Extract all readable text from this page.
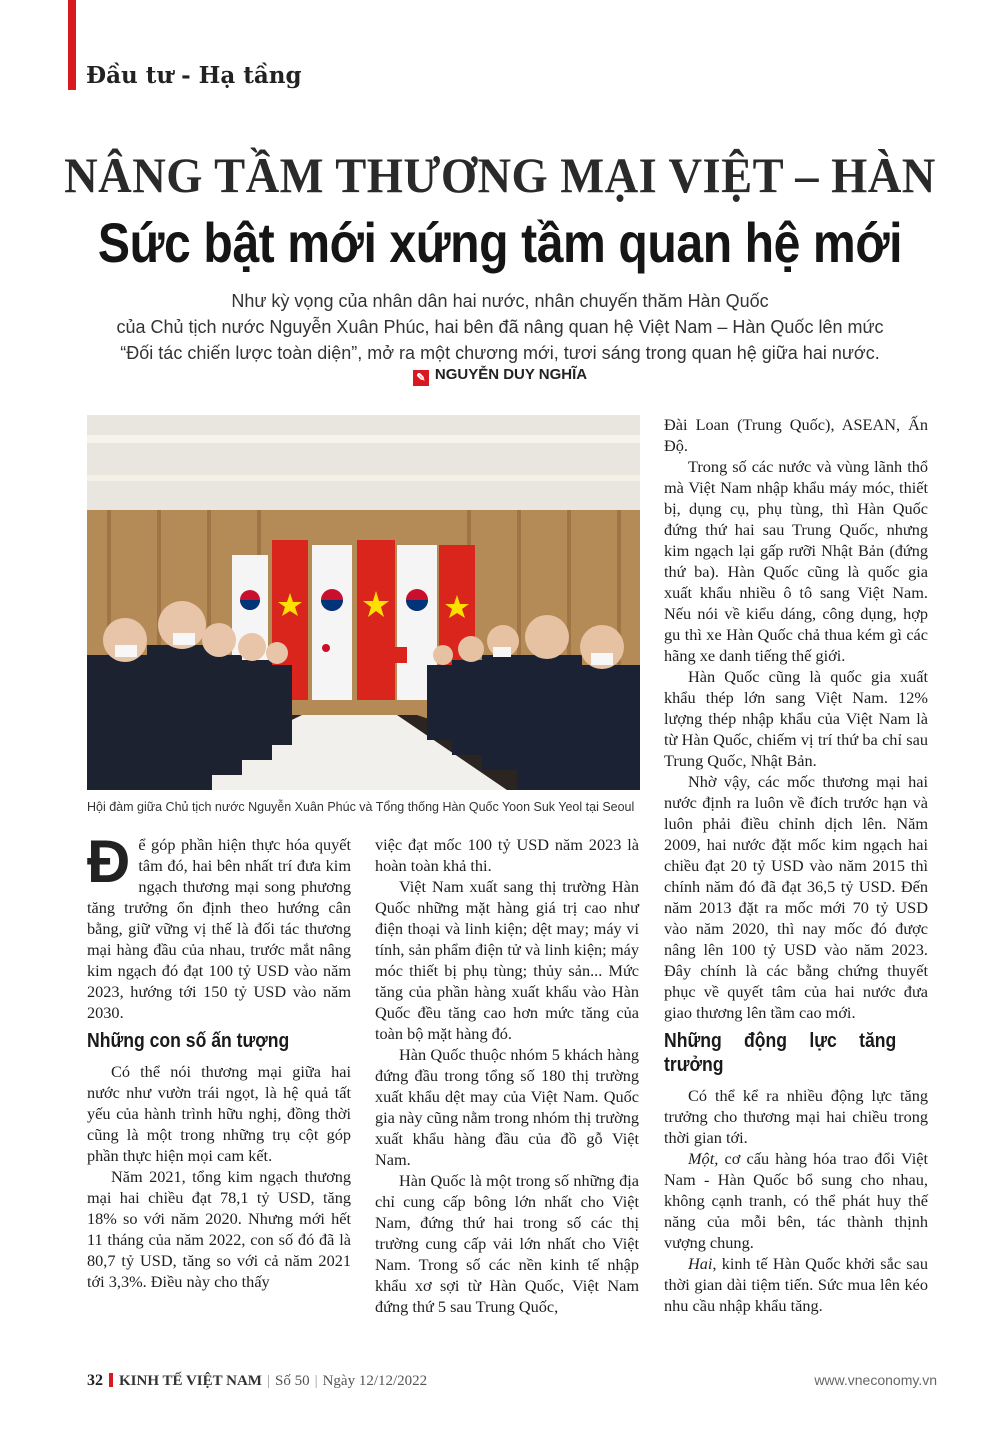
Đầu tư - Hạ tầng
NÂNG TẦM THƯƠNG MẠI VIỆT – HÀN
Sức bật mới xứng tầm quan hệ mới

Như kỳ vọng của nhân dân hai nước, nhân chuyến thăm Hàn Quốc

của Chủ tịch nước Nguyễn Xuân Phúc, hai bên đã nâng quan hệ Việt Nam – Hàn Quốc lên mức

“Đối tác chiến lược toàn diện”, mở ra một chương mới, tươi sáng trong quan hệ giữa hai nước.

✎ NGUYỄN DUY NGHĨA

Hội đàm giữa Chủ tịch nước Nguyễn Xuân Phúc và Tổng thống Hàn Quốc Yoon Suk Yeol tại Seoul

Để góp phần hiện thực hóa quyết tâm đó, hai bên nhất trí đưa kim ngạch thương mại song phương tăng trưởng ổn định theo hướng cân bằng, giữ vững vị thế là đối tác thương mại hàng đầu của nhau, trước mắt nâng kim ngạch đó đạt 100 tỷ USD vào năm 2023, hướng tới 150 tỷ USD vào năm 2030.

Những con số ấn tượng

Có thể nói thương mại giữa hai nước như vườn trái ngọt, là hệ quả tất yếu của hành trình hữu nghị, đồng thời cũng là một trong những trụ cột góp phần thực hiện mọi cam kết.

Năm 2021, tổng kim ngạch thương mại hai chiều đạt 78,1 tỷ USD, tăng 18% so với năm 2020. Nhưng mới hết 11 tháng của năm 2022, con số đó đã là 80,7 tỷ USD, tăng so với cả năm 2021 tới 3,3%. Điều này cho thấy

việc đạt mốc 100 tỷ USD năm 2023 là hoàn toàn khả thi.

Việt Nam xuất sang thị trường Hàn Quốc những mặt hàng giá trị cao như điện thoại và linh kiện; dệt may; máy vi tính, sản phẩm điện tử và linh kiện; máy móc thiết bị phụ tùng; thủy sản... Mức tăng của phần hàng xuất khẩu vào Hàn Quốc đều tăng cao hơn mức tăng của toàn bộ mặt hàng đó.

Hàn Quốc thuộc nhóm 5 khách hàng đứng đầu trong tổng số 180 thị trường xuất khẩu dệt may của Việt Nam. Quốc gia này cũng nằm trong nhóm thị trường xuất khẩu hàng đầu của đồ gỗ Việt Nam.

Hàn Quốc là một trong số những địa chỉ cung cấp bông lớn nhất cho Việt Nam, đứng thứ hai trong số các thị trường cung cấp vải lớn nhất cho Việt Nam. Trong số các nền kinh tế nhập khẩu xơ sợi từ Hàn Quốc, Việt Nam đứng thứ 5 sau Trung Quốc,

Đài Loan (Trung Quốc), ASEAN, Ấn Độ.

Trong số các nước và vùng lãnh thổ mà Việt Nam nhập khẩu máy móc, thiết bị, dụng cụ, phụ tùng, thì Hàn Quốc đứng thứ hai sau Trung Quốc, nhưng kim ngạch lại gấp rưỡi Nhật Bản (đứng thứ ba). Hàn Quốc cũng là quốc gia xuất khẩu nhiều ô tô sang Việt Nam. Nếu nói về kiểu dáng, công dụng, hợp gu thì xe Hàn Quốc chả thua kém gì các hãng xe danh tiếng thế giới.

Hàn Quốc cũng là quốc gia xuất khẩu thép lớn sang Việt Nam. 12% lượng thép nhập khẩu của Việt Nam là từ Hàn Quốc, chiếm vị trí thứ ba chỉ sau Trung Quốc, Nhật Bản.

Nhờ vậy, các mốc thương mại hai nước định ra luôn về đích trước hạn và luôn phải điều chỉnh dịch lên. Năm 2009, hai nước đặt mốc kim ngạch hai chiều đạt 20 tỷ USD vào năm 2015 thì chính năm đó đã đạt 36,5 tỷ USD. Đến năm 2013 đặt ra mốc mới 70 tỷ USD vào năm 2020, thì nay mốc đó được nâng lên 100 tỷ USD vào năm 2023. Đây chính là các bằng chứng thuyết phục về quyết tâm của hai nước đưa giao thương lên tầm cao mới.

Những động lực tăng trưởng

Có thể kể ra nhiều động lực tăng trưởng cho thương mại hai chiều trong thời gian tới.

Một, cơ cấu hàng hóa trao đổi Việt Nam - Hàn Quốc bổ sung cho nhau, không cạnh tranh, có thể phát huy thế năng của mỗi bên, tác thành thịnh vượng chung.

Hai, kinh tế Hàn Quốc khởi sắc sau thời gian dài tiệm tiến. Sức mua lên kéo nhu cầu nhập khẩu tăng.

32 KINH TẾ VIỆT NAM | Số 50 | Ngày 12/12/2022	www.vneconomy.vn
